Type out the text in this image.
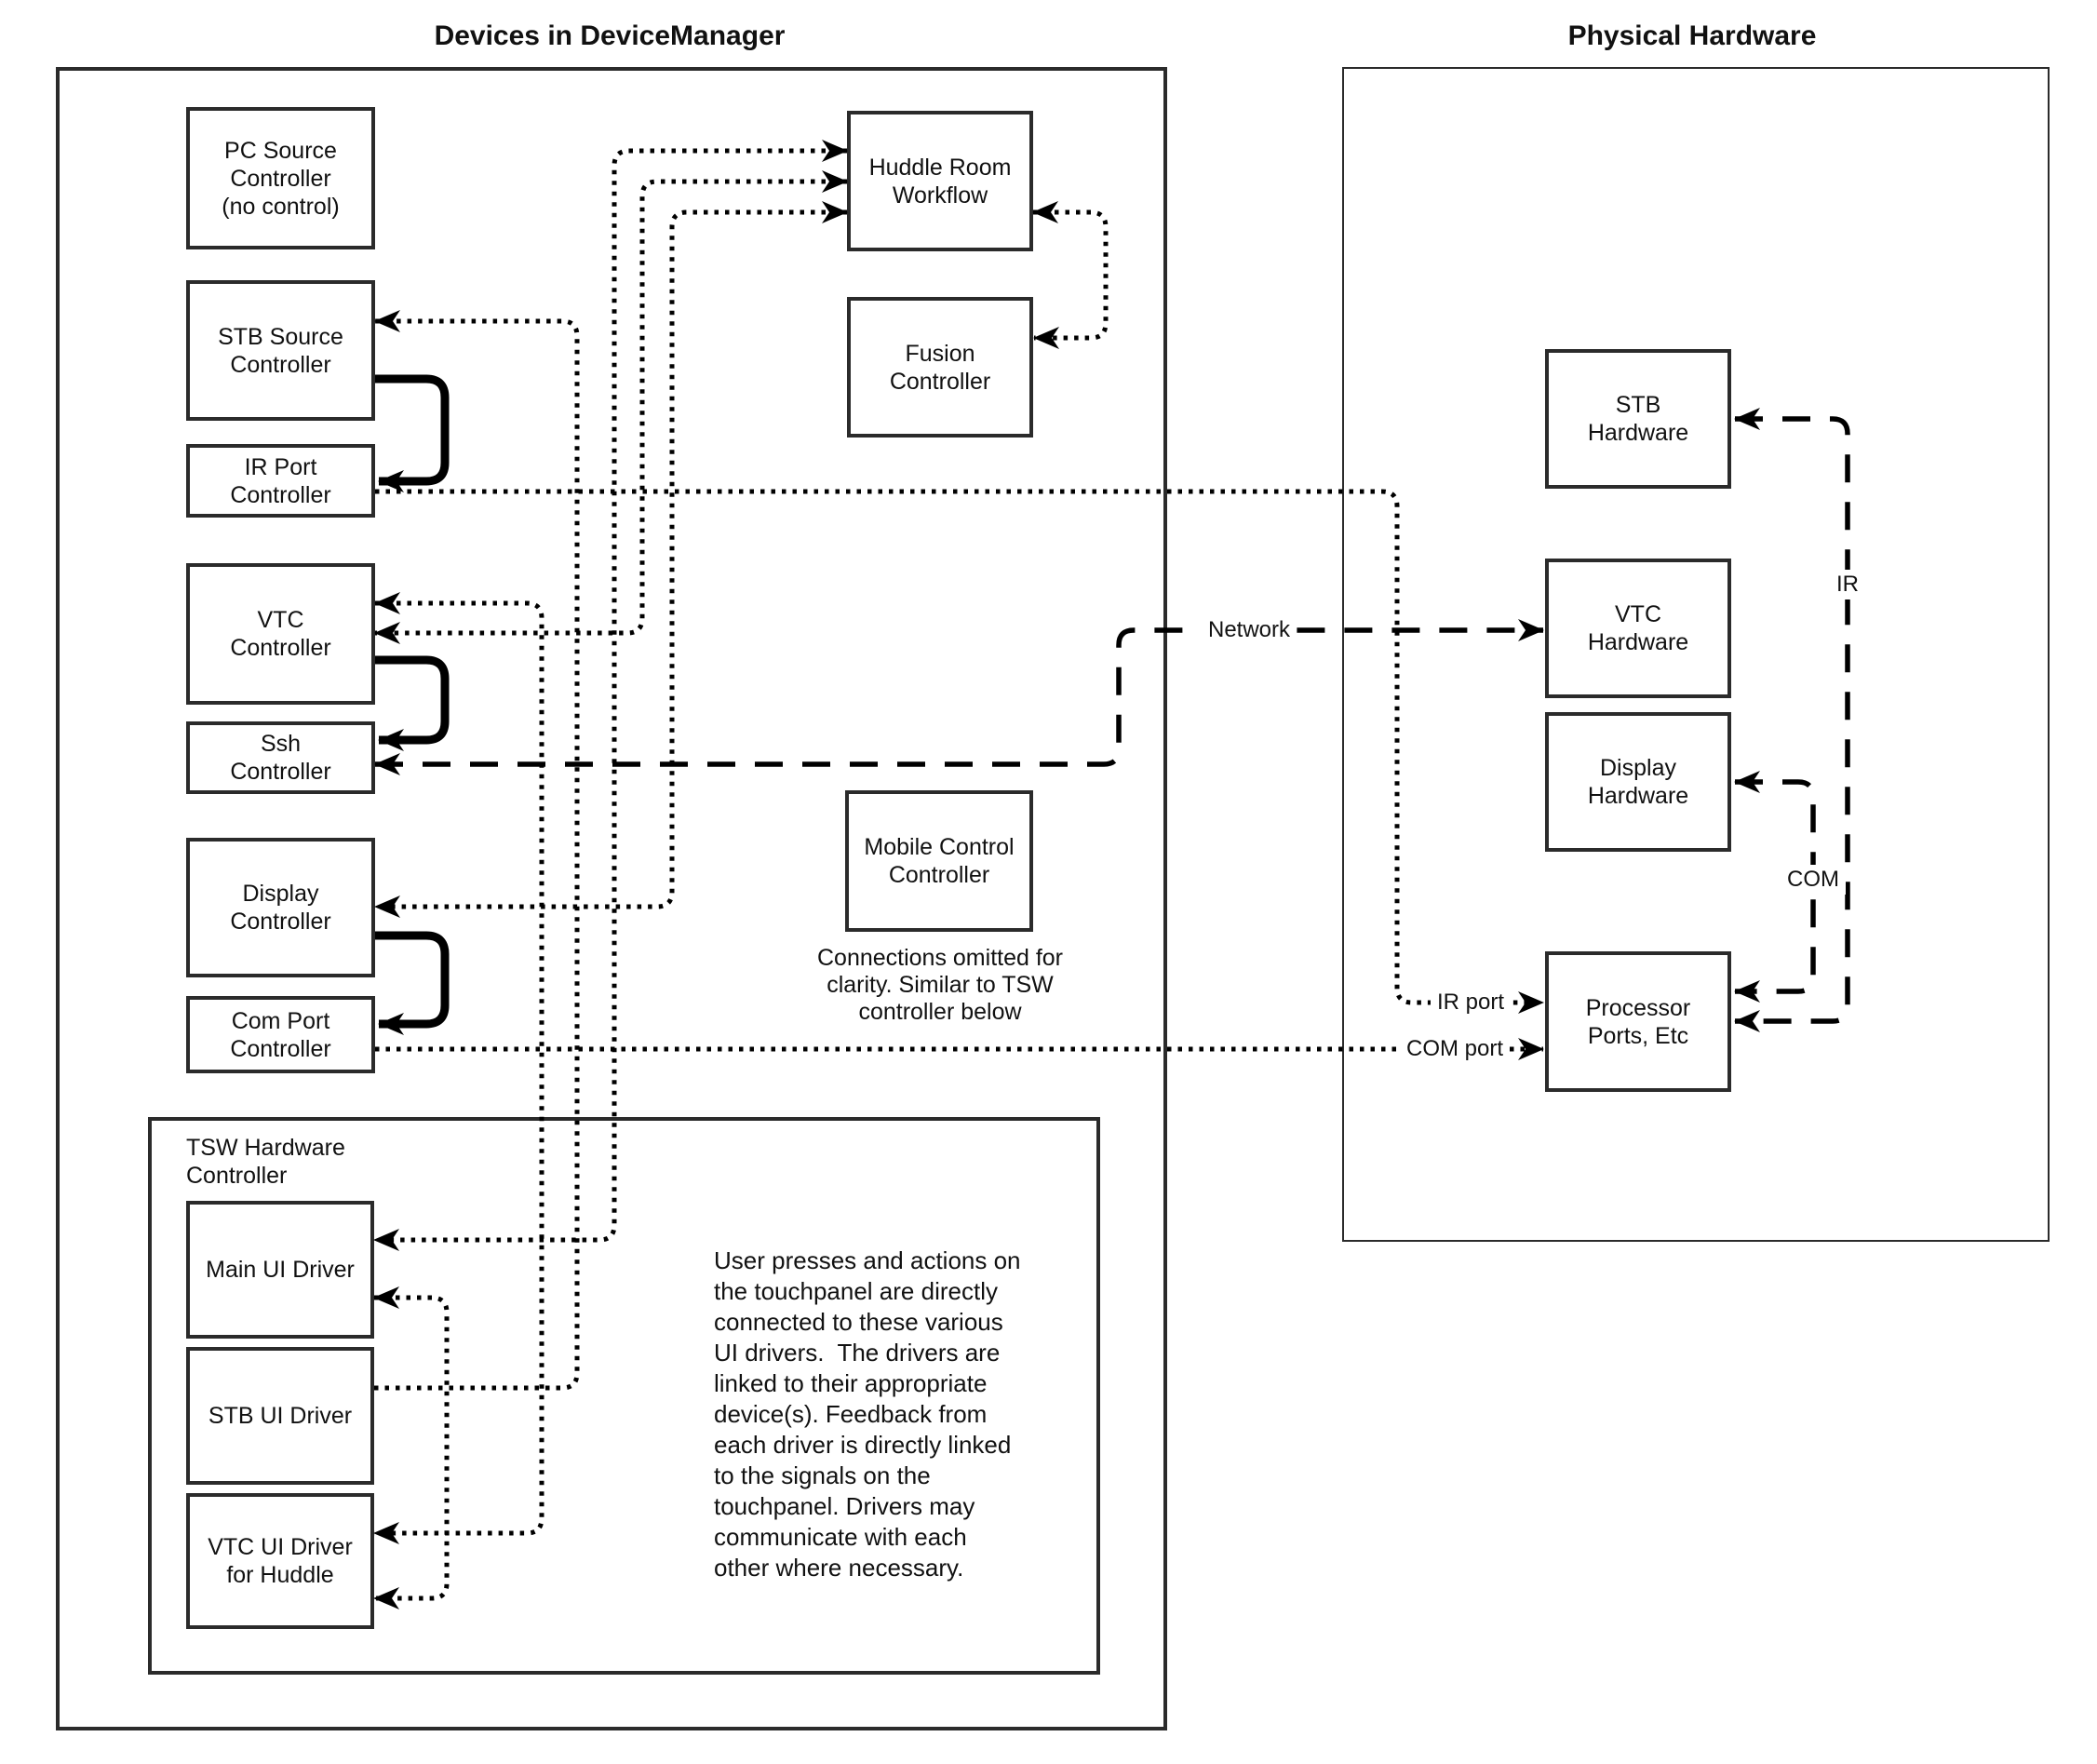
Devices in DeviceManager	Physical Hardware
PC Source
Controller
(no control)
STB Source
Controller
IR Port
Controller
VTC
Controller
Ssh
Controller
Display
Controller
Com Port
Controller
Huddle Room
Workflow
Fusion
Controller
Mobile Control
Controller
Connections omitted for
clarity. Similar to TSW
controller below
TSW Hardware
Controller
Main UI Driver
STB UI Driver
VTC UI Driver
for Huddle
User presses and actions on
the touchpanel are directly
connected to these various
UI drivers.  The drivers are
linked to their appropriate
device(s). Feedback from
each driver is directly linked
to the signals on the
touchpanel. Drivers may
communicate with each
other where necessary.
STB
Hardware
VTC
Hardware
Display
Hardware
Processor
Ports, Etc
Network
IR
COM
IR port
COM port
